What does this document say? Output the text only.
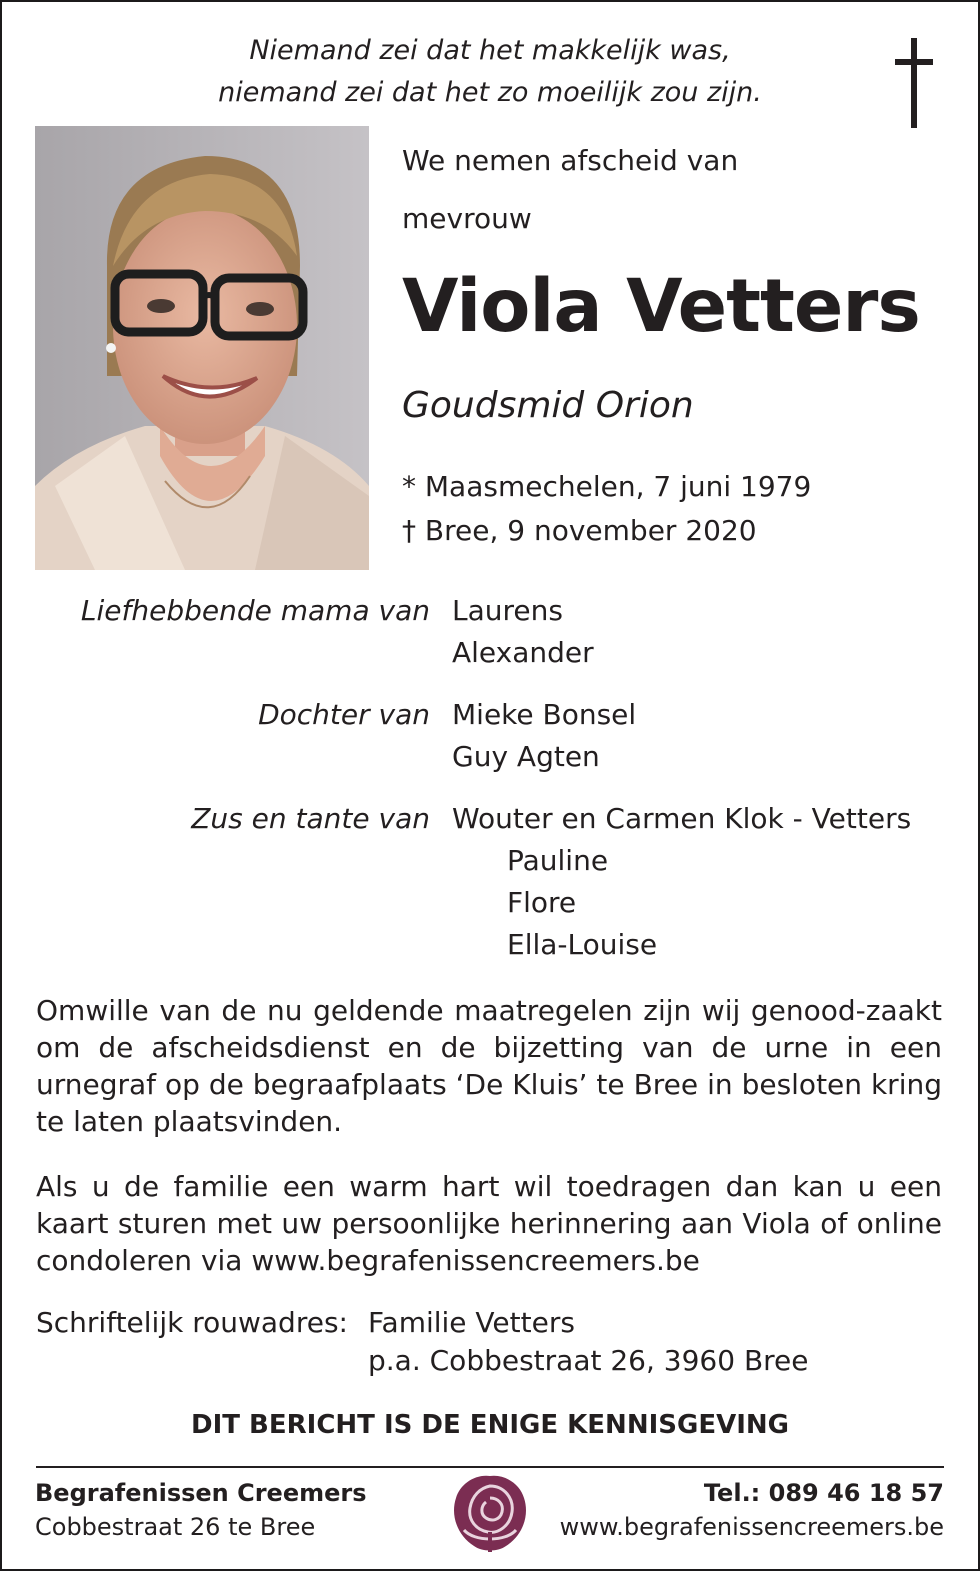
Niemand zei dat het makkelijk was,
niemand zei dat het zo moeilijk zou zijn.
We nemen afscheid van
mevrouw
Viola Vetters
Goudsmid Orion
* Maasmechelen, 7 juni 1979
† Bree, 9 november 2020
Liefhebbende mama van Laurens
Alexander
Dochter van Mieke Bonsel
Guy Agten
Zus en tante van Wouter en Carmen Klok - Vetters
Pauline
Flore
Ella-Louise

Omwille van de nu geldende maatregelen zijn wij genood-zaakt om de afscheidsdienst en de bijzetting van de urne in een urnegraf op de begraafplaats ‘De Kluis’ te Bree in besloten kring te laten plaatsvinden.

Als u de familie een warm hart wil toedragen dan kan u een kaart sturen met uw persoonlijke herinnering aan Viola of online condoleren via www.begrafenissencreemers.be

Schriftelijk rouwadres: Familie Vetters
p.a. Cobbestraat 26, 3960 Bree
DIT BERICHT IS DE ENIGE KENNISGEVING
Begrafenissen Creemers
Cobbestraat 26 te Bree
Tel.: 089 46 18 57
www.begrafenissencreemers.be
